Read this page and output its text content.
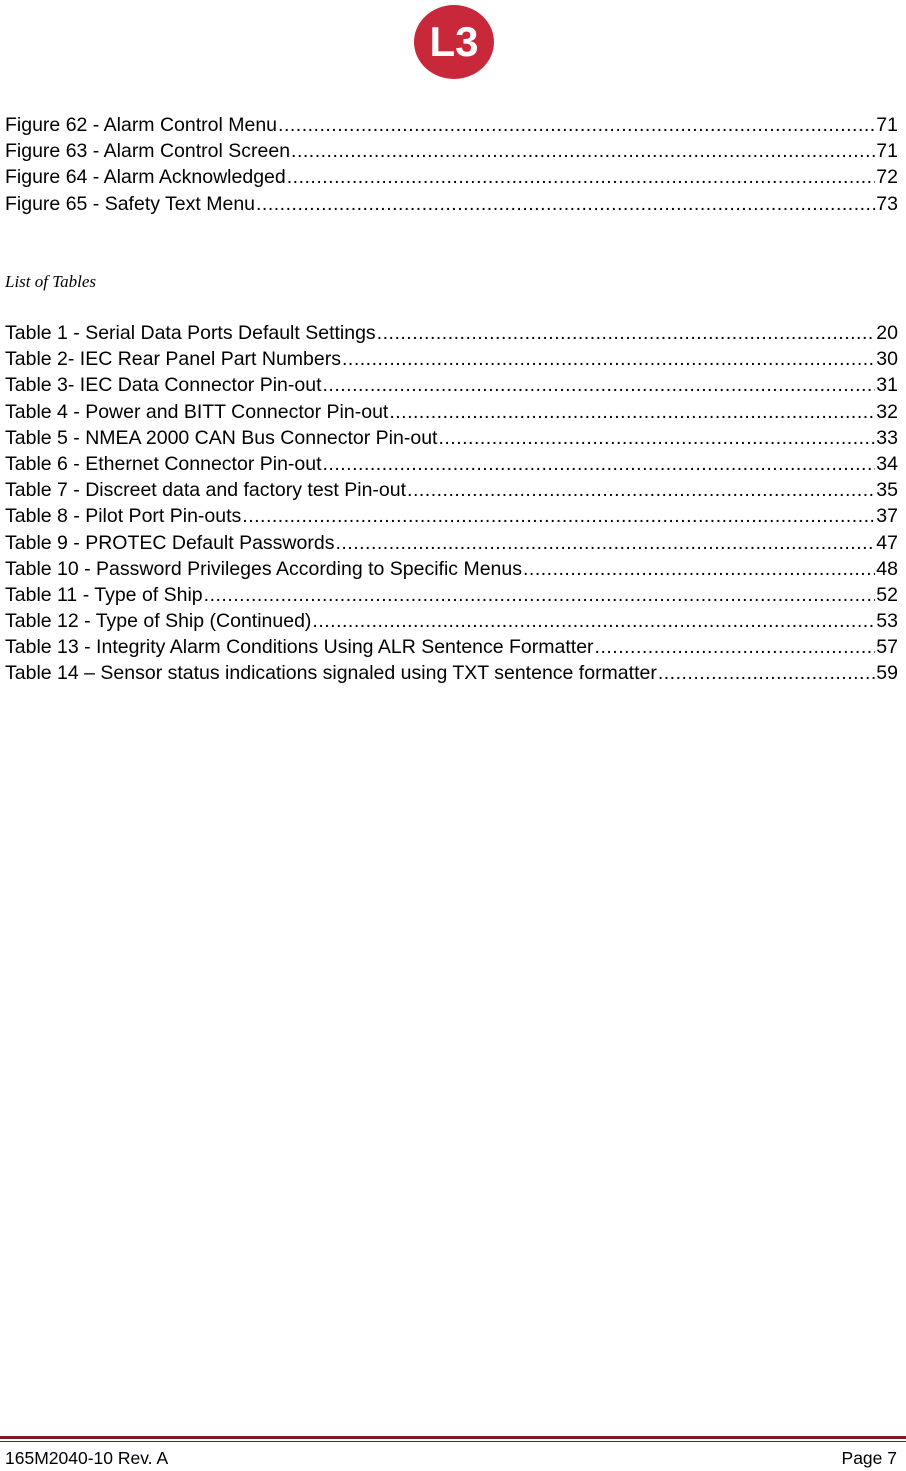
L3
Figure 62 - Alarm Control Menu .....	71
Figure 63 - Alarm Control Screen .....	71
Figure 64 - Alarm Acknowledged .....	72
Figure 65 - Safety Text Menu .....	73
List of Tables
Table 1 - Serial Data Ports Default Settings .....	20
Table 2- IEC Rear Panel Part Numbers .....	30
Table 3- IEC Data Connector Pin-out .....	31
Table 4 - Power and BITT Connector Pin-out .....	32
Table 5 - NMEA 2000 CAN Bus Connector Pin-out .....	33
Table 6 - Ethernet Connector Pin-out .....	34
Table 7 - Discreet data and factory test Pin-out .....	35
Table 8 - Pilot Port Pin-outs .....	37
Table 9 - PROTEC Default Passwords .....	47
Table 10 - Password Privileges According to Specific Menus .....	48
Table 11 - Type of Ship .....	52
Table 12 - Type of Ship (Continued) .....	53
Table 13 - Integrity Alarm Conditions Using ALR Sentence Formatter .....	57
Table 14 – Sensor status indications signaled using TXT sentence formatter .....	59
165M2040-10 Rev. A	Page 7
